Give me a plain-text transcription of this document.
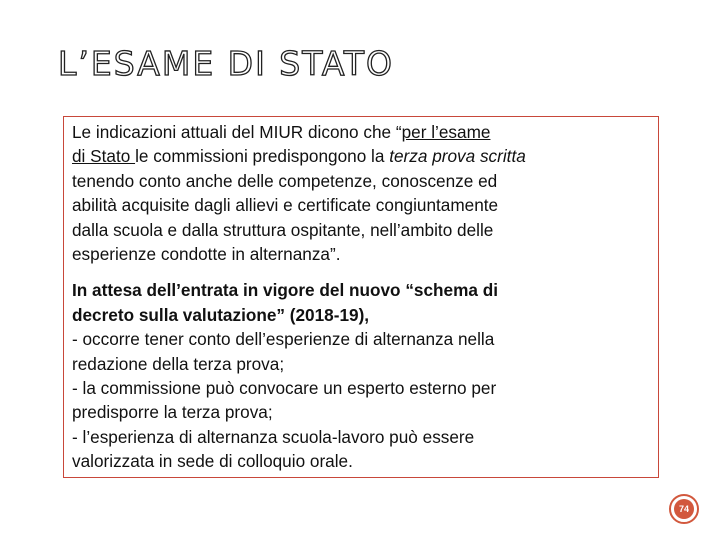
L’ESAME DI STATO

Le indicazioni attuali del MIUR dicono che “per l’esame
di Stato le commissioni predispongono la terza prova scritta
tenendo conto anche delle competenze, conoscenze ed
abilità acquisite dagli allievi e certificate congiuntamente
dalla scuola e dalla struttura ospitante, nell’ambito delle
esperienze condotte in alternanza”.

In attesa dell’entrata in vigore del nuovo “schema di
decreto sulla valutazione” (2018-19),
- occorre tener conto dell’esperienze di alternanza nella
redazione della terza prova;
- la commissione può convocare un esperto esterno per
predisporre la terza prova;
- l’esperienza di alternanza scuola-lavoro può essere
valorizzata in sede di colloquio orale.

74
